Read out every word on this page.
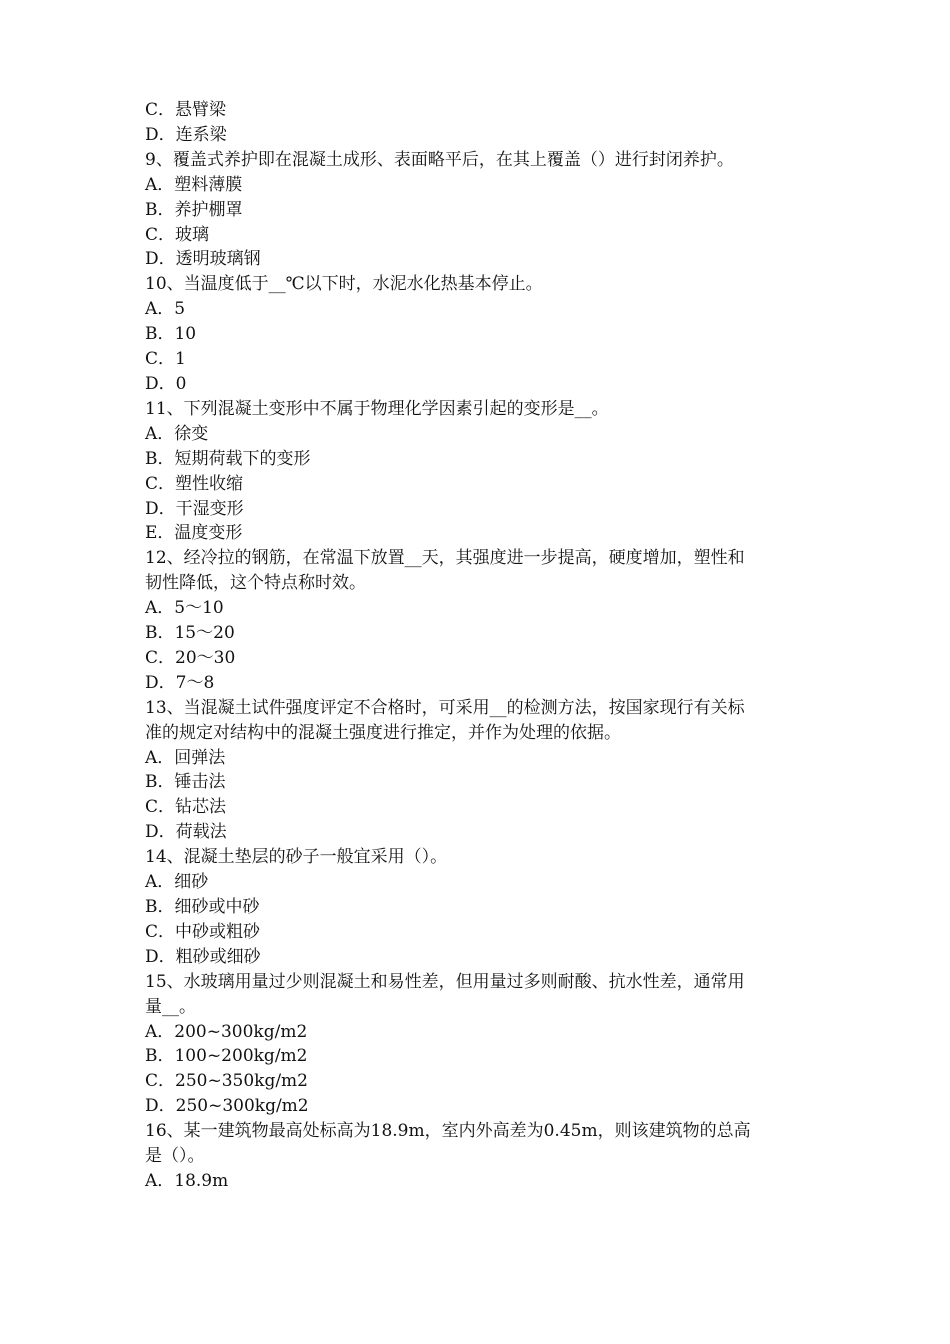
C．悬臂梁
D．连系梁
9、覆盖式养护即在混凝土成形、表面略平后，在其上覆盖（）进行封闭养护。
A．塑料薄膜
B．养护棚罩
C．玻璃
D．透明玻璃钢
10、当温度低于__℃以下时，水泥水化热基本停止。
A．5
B．10
C．1
D．0
11、下列混凝土变形中不属于物理化学因素引起的变形是__。
A．徐变
B．短期荷载下的变形
C．塑性收缩
D．干湿变形
E．温度变形
12、经冷拉的钢筋，在常温下放置__天，其强度进一步提高，硬度增加，塑性和
韧性降低，这个特点称时效。
A．5～10
B．15～20
C．20～30
D．7～8
13、当混凝土试件强度评定不合格时，可采用__的检测方法，按国家现行有关标
准的规定对结构中的混凝土强度进行推定，并作为处理的依据。
A．回弹法
B．锤击法
C．钻芯法
D．荷载法
14、混凝土垫层的砂子一般宜采用（）。
A．细砂
B．细砂或中砂
C．中砂或粗砂
D．粗砂或细砂
15、水玻璃用量过少则混凝土和易性差，但用量过多则耐酸、抗水性差，通常用
量__。
A．200~300kg/m2
B．100~200kg/m2
C．250~350kg/m2
D．250~300kg/m2
16、某一建筑物最高处标高为18.9m，室内外高差为0.45m，则该建筑物的总高
是（）。
A．18.9m
